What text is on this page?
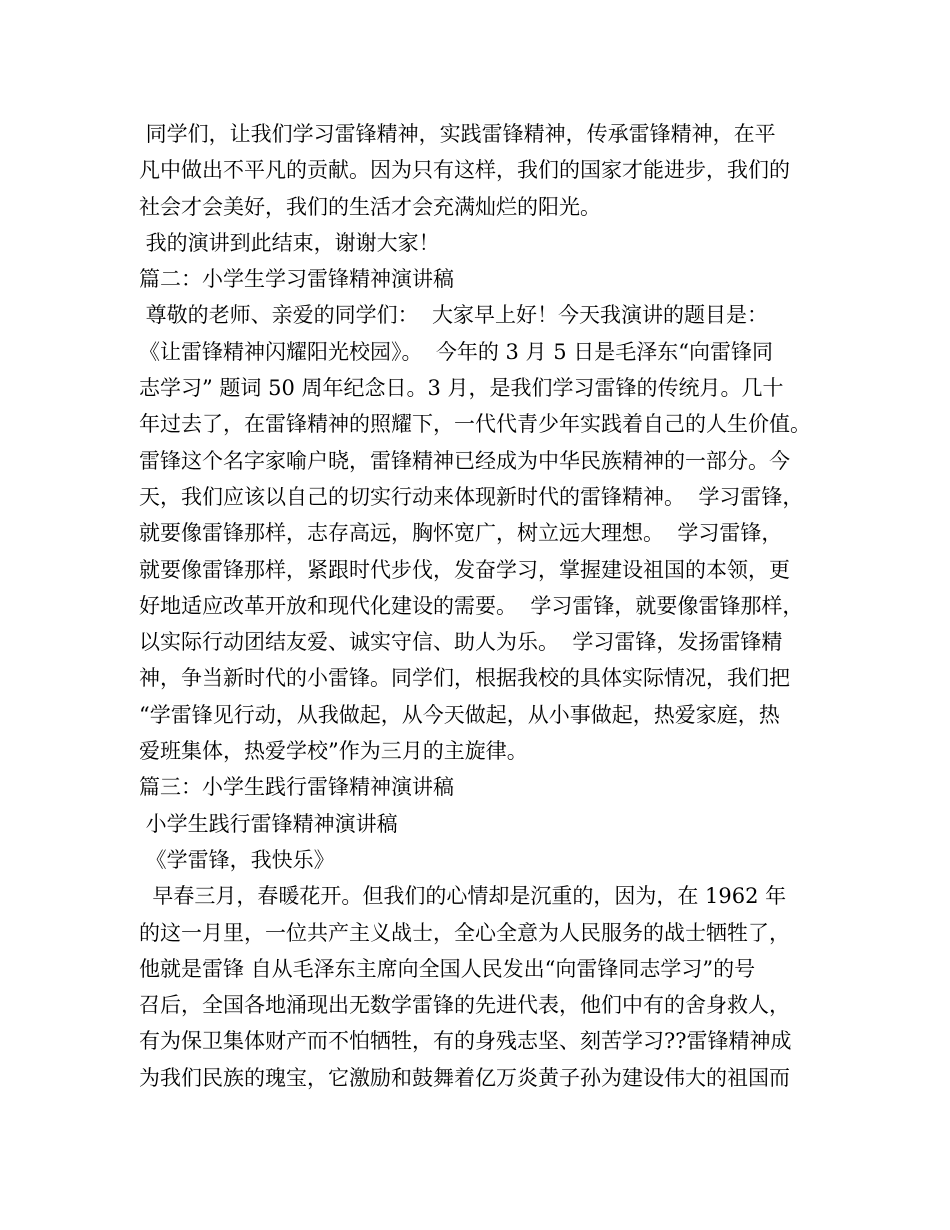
同学们，让我们学习雷锋精神，实践雷锋精神，传承雷锋精神，在平
凡中做出不平凡的贡献。因为只有这样，我们的国家才能进步，我们的
社会才会美好，我们的生活才会充满灿烂的阳光。
我的演讲到此结束，谢谢大家！
篇二：小学生学习雷锋精神演讲稿
尊敬的老师、亲爱的同学们：  大家早上好！今天我演讲的题目是：
《让雷锋精神闪耀阳光校园》。  今年的 3 月 5 日是毛泽东“向雷锋同
志学习” 题词 50 周年纪念日。3 月，是我们学习雷锋的传统月。几十
年过去了，在雷锋精神的照耀下，一代代青少年实践着自己的人生价值。
雷锋这个名字家喻户晓，雷锋精神已经成为中华民族精神的一部分。今
天，我们应该以自己的切实行动来体现新时代的雷锋精神。  学习雷锋，
就要像雷锋那样，志存高远，胸怀宽广，树立远大理想。  学习雷锋，
就要像雷锋那样，紧跟时代步伐，发奋学习，掌握建设祖国的本领，更
好地适应改革开放和现代化建设的需要。  学习雷锋，就要像雷锋那样，
以实际行动团结友爱、诚实守信、助人为乐。  学习雷锋，发扬雷锋精
神，争当新时代的小雷锋。同学们，根据我校的具体实际情况，我们把
“学雷锋见行动，从我做起，从今天做起，从小事做起，热爱家庭，热
爱班集体，热爱学校”作为三月的主旋律。
篇三：小学生践行雷锋精神演讲稿
小学生践行雷锋精神演讲稿
《学雷锋，我快乐》
早春三月，春暖花开。但我们的心情却是沉重的，因为，在 1962 年
的这一月里，一位共产主义战士，全心全意为人民服务的战士牺牲了，
他就是雷锋 自从毛泽东主席向全国人民发出“向雷锋同志学习”的号
召后，全国各地涌现出无数学雷锋的先进代表，他们中有的舍身救人，
有为保卫集体财产而不怕牺牲，有的身残志坚、刻苦学习??雷锋精神成
为我们民族的瑰宝，它激励和鼓舞着亿万炎黄子孙为建设伟大的祖国而
